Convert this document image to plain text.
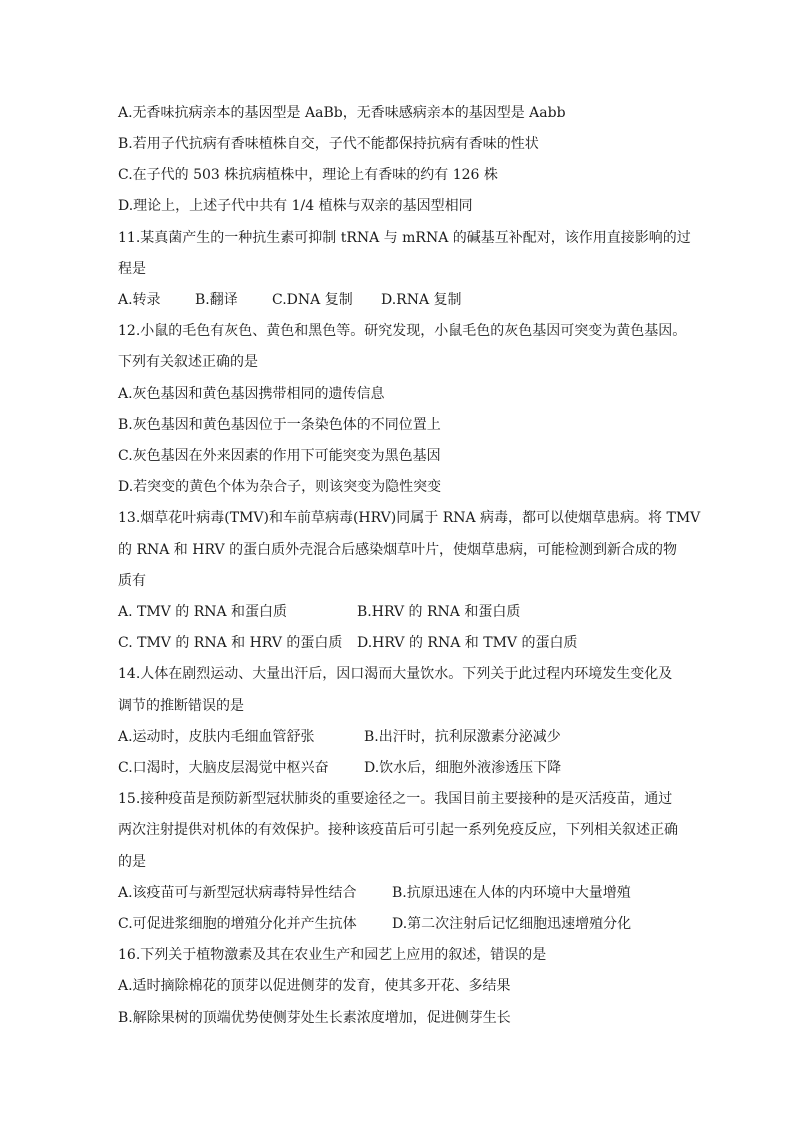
A.无香味抗病亲本的基因型是 AaBb，无香味感病亲本的基因型是 Aabb
B.若用子代抗病有香味植株自交，子代不能都保持抗病有香味的性状
C.在子代的 503 株抗病植株中，理论上有香味的约有 126 株
D.理论上，上述子代中共有 1/4 植株与双亲的基因型相同
11.某真菌产生的一种抗生素可抑制 tRNA 与 mRNA 的碱基互补配对，该作用直接影响的过
程是
A.转录 B.翻译 C.DNA 复制 D.RNA 复制
12.小鼠的毛色有灰色、黄色和黑色等。研究发现，小鼠毛色的灰色基因可突变为黄色基因。
下列有关叙述正确的是
A.灰色基因和黄色基因携带相同的遗传信息
B.灰色基因和黄色基因位于一条染色体的不同位置上
C.灰色基因在外来因素的作用下可能突变为黑色基因
D.若突变的黄色个体为杂合子，则该突变为隐性突变
13.烟草花叶病毒(TMV)和车前草病毒(HRV)同属于 RNA 病毒，都可以使烟草患病。将 TMV
的 RNA 和 HRV 的蛋白质外壳混合后感染烟草叶片，使烟草患病，可能检测到新合成的物
质有
A. TMV 的 RNA 和蛋白质	B.HRV 的 RNA 和蛋白质
C. TMV 的 RNA 和 HRV 的蛋白质 D.HRV 的 RNA 和 TMV 的蛋白质
14.人体在剧烈运动、大量出汗后，因口渴而大量饮水。下列关于此过程内环境发生变化及
调节的推断错误的是
A.运动时，皮肤内毛细血管舒张	B.出汗时，抗利尿激素分泌减少
C.口渴时，大脑皮层渴觉中枢兴奋	D.饮水后，细胞外液渗透压下降
15.接种疫苗是预防新型冠状肺炎的重要途径之一。我国目前主要接种的是灭活疫苗，通过
两次注射提供对机体的有效保护。接种该疫苗后可引起一系列免疫反应，下列相关叙述正确
的是
A.该疫苗可与新型冠状病毒特异性结合	B.抗原迅速在人体的内环境中大量增殖
C.可促进浆细胞的增殖分化并产生抗体	D.第二次注射后记忆细胞迅速增殖分化
16.下列关于植物激素及其在农业生产和园艺上应用的叙述，错误的是
A.适时摘除棉花的顶芽以促进侧芽的发育，使其多开花、多结果
B.解除果树的顶端优势使侧芽处生长素浓度增加，促进侧芽生长
